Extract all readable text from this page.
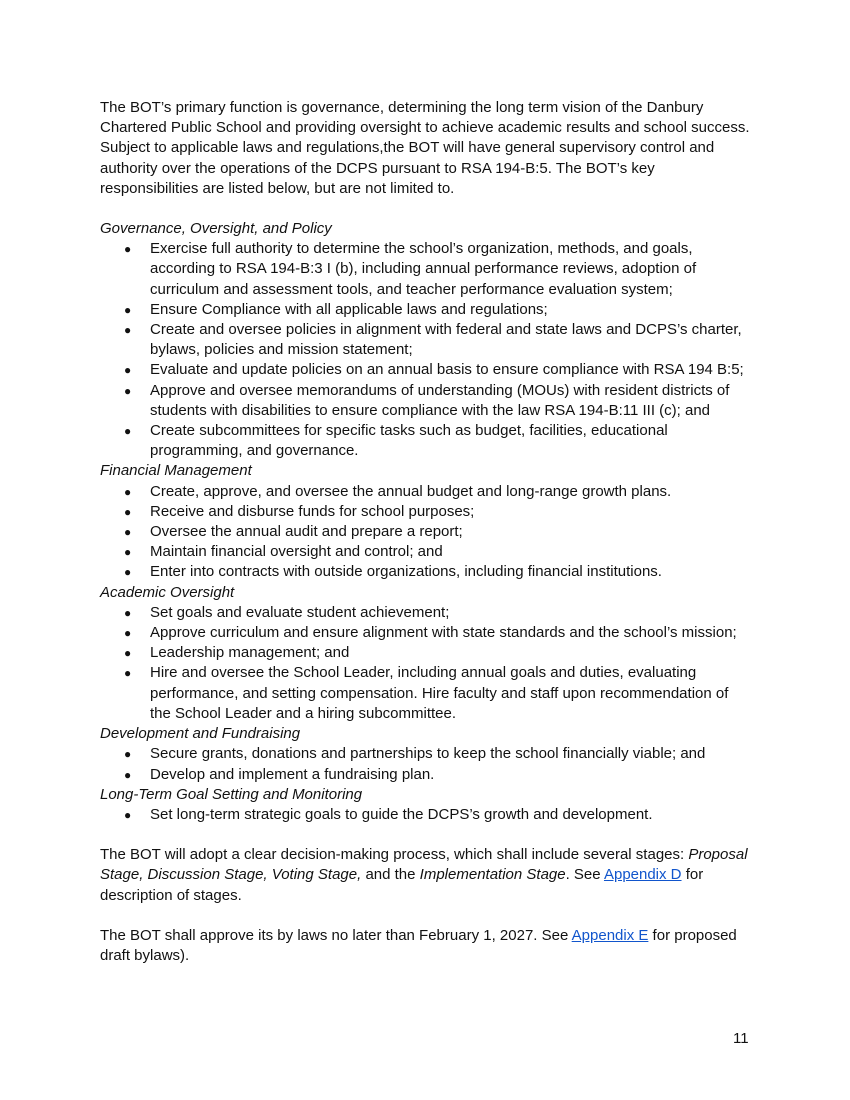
The BOT’s primary function is governance, determining the long term vision of the Danbury Chartered Public School and providing oversight to achieve academic results and school success. Subject to applicable laws and regulations,the BOT will have general supervisory control and authority over the operations of the DCPS pursuant to RSA 194-B:5. The BOT’s key responsibilities are listed below, but are not limited to.

Governance, Oversight, and Policy

● Exercise full authority to determine the school’s organization, methods, and goals, according to RSA 194-B:3 I (b), including annual performance reviews, adoption of curriculum and assessment tools, and teacher performance evaluation system;
● Ensure Compliance with all applicable laws and regulations;
● Create and oversee policies in alignment with federal and state laws and DCPS’s charter, bylaws, policies and mission statement;
● Evaluate and update policies on an annual basis to ensure compliance with RSA 194 B:5;
● Approve and oversee memorandums of understanding (MOUs) with resident districts of students with disabilities to ensure compliance with the law RSA 194-B:11 III (c); and
● Create subcommittees for specific tasks such as budget, facilities, educational programming, and governance.

Financial Management

● Create, approve, and oversee the annual budget and long-range growth plans.
● Receive and disburse funds for school purposes;
● Oversee the annual audit and prepare a report;
● Maintain financial oversight and control; and
● Enter into contracts with outside organizations, including financial institutions.

Academic Oversight

● Set goals and evaluate student achievement;
● Approve curriculum and ensure alignment with state standards and the school’s mission;
● Leadership management; and
● Hire and oversee the School Leader, including annual goals and duties, evaluating performance, and setting compensation. Hire faculty and staff upon recommendation of the School Leader and a hiring subcommittee.

Development and Fundraising

● Secure grants, donations and partnerships to keep the school financially viable; and
● Develop and implement a fundraising plan.

Long-Term Goal Setting and Monitoring

● Set long-term strategic goals to guide the DCPS’s growth and development.

The BOT will adopt a clear decision-making process, which shall include several stages: Proposal Stage, Discussion Stage, Voting Stage, and the Implementation Stage. See Appendix D for description of stages.

The BOT shall approve its by laws no later than February 1, 2027. See Appendix E for proposed draft bylaws).

11
